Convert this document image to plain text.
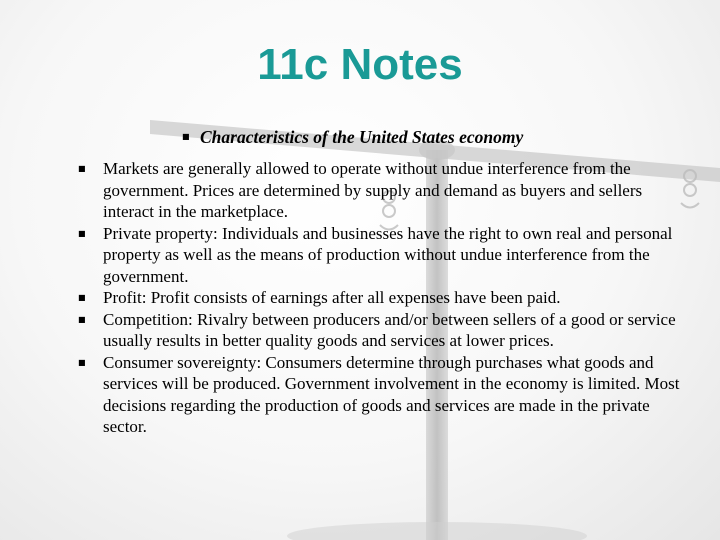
11c Notes
■ Characteristics of the United States economy
■ Markets are generally allowed to operate without undue interference from the government. Prices are determined by supply and demand as buyers and sellers interact in the marketplace.
■ Private property: Individuals and businesses have the right to own real and personal property as well as the means of production without undue interference from the government.
■ Profit: Profit consists of earnings after all expenses have been paid.
■ Competition: Rivalry between producers and/or between sellers of a good or service usually results in better quality goods and services at lower prices.
■ Consumer sovereignty: Consumers determine through purchases what goods and services will be produced. Government involvement in the economy is limited. Most decisions regarding the production of goods and services are made in the private sector.
